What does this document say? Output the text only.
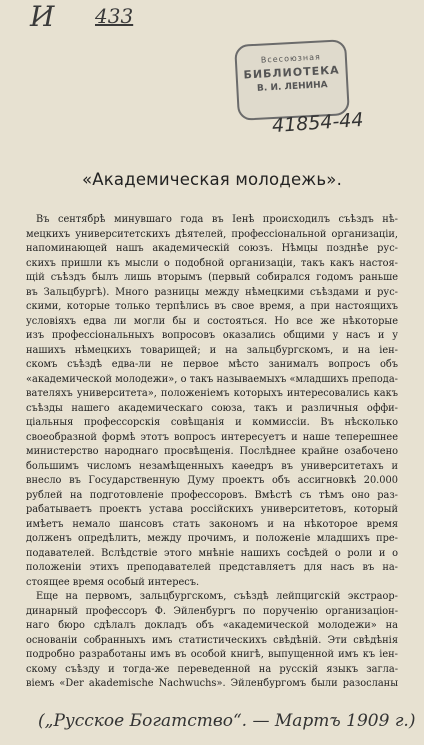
И 433
Всесоюзная
БИБЛИОТЕКА
В. И. ЛЕНИНА
41854-44
«Академическая молодежь».
Въ сентябрѣ минувшаго года въ Іенѣ происходилъ съѣздъ нѣ-
мецкихъ университетскихъ дѣятелей, профессіональной организаціи,
напоминающей нашъ академическій союзъ. Нѣмцы позднѣе рус-
скихъ пришли къ мысли о подобной организаціи, такъ какъ настоя-
щій съѣздъ былъ лишь вторымъ (первый собирался годомъ раньше
въ Зальцбургѣ). Много разницы между нѣмецкими съѣздами и рус-
скими, которые только терпѣлись въ свое время, а при настоящихъ
условіяхъ едва ли могли бы и состояться. Но все же нѣкоторые
изъ профессіональныхъ вопросовъ оказались общими у насъ и у
нашихъ нѣмецкихъ товарищей; и на зальцбургскомъ, и на іен-
скомъ съѣздѣ едва-ли не первое мѣсто занималъ вопросъ объ
«академической молодежи», о такъ называемыхъ «младшихъ препода-
вателяхъ университета», положеніемъ которыхъ интересовались какъ
съѣзды нашего академическаго союза, такъ и различныя оффи-
ціальныя профессорскія совѣщанія и коммиссіи. Въ нѣсколько
своеобразной формѣ этотъ вопросъ интересуетъ и наше теперешнее
министерство народнаго просвѣщенія. Послѣднее крайне озабочено
большимъ числомъ незамѣщенныхъ каѳедръ въ университетахъ и
внесло въ Государственную Думу проектъ объ ассигновкѣ 20.000
рублей на подготовленіе профессоровъ. Вмѣстѣ съ тѣмъ оно раз-
рабатываетъ проектъ устава россійскихъ университетовъ, который
имѣетъ немало шансовъ стать закономъ и на нѣкоторое время
долженъ опредѣлить, между прочимъ, и положеніе младшихъ пре-
подавателей. Вслѣдствіе этого мнѣніе нашихъ сосѣдей о роли и о
положеніи этихъ преподавателей представляетъ для насъ въ на-
стоящее время особый интересъ.
Еще на первомъ, зальцбургскомъ, съѣздѣ лейпцигскій экстраор-
динарный профессоръ Ф. Эйленбургъ по порученію организаціон-
наго бюро сдѣлалъ докладъ объ «академической молодежи» на
основаніи собранныхъ имъ статистическихъ свѣдѣній. Эти свѣдѣнія
подробно разработаны имъ въ особой книгѣ, выпущенной имъ къ іен-
скому съѣзду и тогда-же переведенной на русскій языкъ загла-
віемъ «Der akademische Nachwuchs». Эйленбургомъ были разосланы
(„Русское Богатство“. — Мартъ 1909 г.)
